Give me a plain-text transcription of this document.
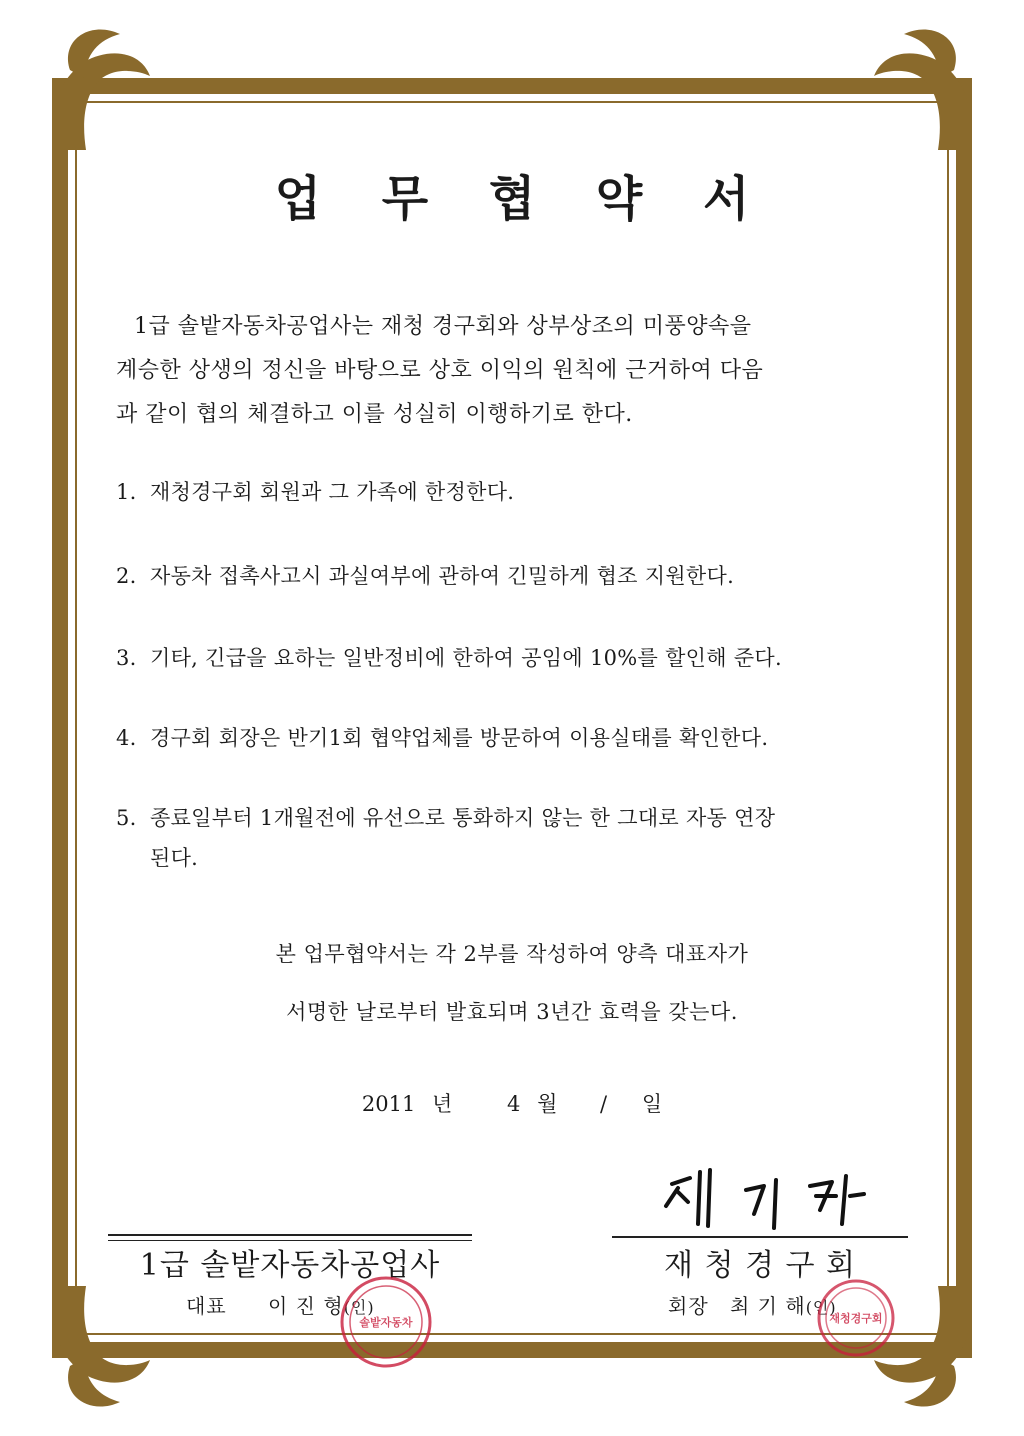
업 무 협 약 서
1급 솔밭자동차공업사는 재청 경구회와 상부상조의 미풍양속을
계승한 상생의 정신을 바탕으로 상호 이익의 원칙에 근거하여 다음
과 같이 협의 체결하고 이를 성실히 이행하기로 한다.
1. 재청경구회 회원과 그 가족에 한정한다.
2. 자동차 접촉사고시 과실여부에 관하여 긴밀하게 협조 지원한다.
3. 기타, 긴급을 요하는 일반정비에 한하여 공임에 10%를 할인해 준다.
4. 경구회 회장은 반기1회 협약업체를 방문하여 이용실태를 확인한다.
5. 종료일부터 1개월전에 유선으로 통화하지 않는 한 그대로 자동 연장
된다.
본 업무협약서는 각 2부를 작성하여 양측 대표자가
서명한 날로부터 발효되며 3년간 효력을 갖는다.
2011 년	4 월 / 일
1급 솔밭자동차공업사
대표 이 진 형(인)
솔밭자동차
재 청 경 구 회
회장 최 기 해(인)
재청경구회
